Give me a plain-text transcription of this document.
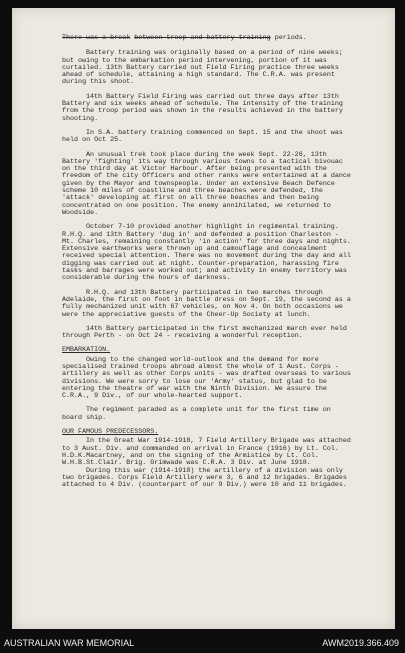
There was a break between troop and battery training periods.

Battery training was originally based on a period of nine weeks; but owing to the embarkation period intervening, portion of it was curtailed. 13th Battery carried out Field Firing practice three weeks ahead of schedule, attaining a high standard. The C.R.A. was present during this shoot.

14th Battery Field Firing was carried out three days after 13th Battery and six weeks ahead of schedule. The intensity of the training from the troop period was shown in the results achieved in the battery shooting.

In S.A. battery training commenced on Sept. 15 and the shoot was held on Oct 25.

An unusual trek took place during the week Sept. 22-26, 13th Battery 'fighting' its way through various towns to a tactical bivouac on the third day at Victor Harbour. After being presented with the freedom of the city Officers and other ranks were entertained at a dance given by the Mayor and townspeople. Under an extensive Beach Defence scheme 10 miles of coastline and three beaches were defended, the 'attack' developing at first on all three beaches and then being concentrated on one position. The enemy annihilated, we returned to Woodside.

October 7-10 provided another highlight in regimental training. R.H.Q. and 13th Battery 'dug in' and defended a position Charleston - Mt. Charles, remaining constantly 'in action' for three days and nights. Extensive earthworks were thrown up and camouflage and concealment received special attention. There was no movement during the day and all digging was carried out at night. Counter-preparation, harassing fire tasks and barrages were worked out; and activity in enemy territory was considerable during the hours of darkness.

R.H.Q. and 13th Battery participated in two marches through Adelaide, the first on foot in battle dress on Sept. 19, the second as a fully mechanized unit with 67 vehicles, on Nov 4. On both occasions we were the appreciative guests of the Cheer-Up Society at lunch.

14th Battery participated in the first mechanized march ever held through Perth - on Oct 24 - receiving a wonderful reception.

EMBARKATION.

Owing to the changed world-outlook and the demand for more specialised trained troops abroad almost the whole of 1 Aust. Corps - artillery as well as other Corps units - was drafted overseas to various divisions. We were sorry to lose our 'Army' status, but glad to be entering the theatre of war with the Ninth Division. We assure the C.R.A., 9 Div., of our whole-hearted support.

The regiment paraded as a complete unit for the first time on board ship.

OUR FAMOUS PREDECESSORS.

In the Great War 1914-1918, 7 Field Artillery Brigade was attached to 3 Aust. Div. and commanded on arrival in France (1916) by Lt. Col. H.D.K.Macartney, and on the signing of the Armistice by Lt. Col. W.H.B.St.Clair. Brig. Grimwade was C.R.A. 3 Div. at June 1918.

During this war (1914-1918) the artillery of a division was only two brigades. Corps Field Artillery were 3, 6 and 12 brigades. Brigades attached to 4 Div. (counterpart of our 9 Div.) were 10 and 11 brigades.

AUSTRALIAN WAR MEMORIAL	AWM2019.366.409
